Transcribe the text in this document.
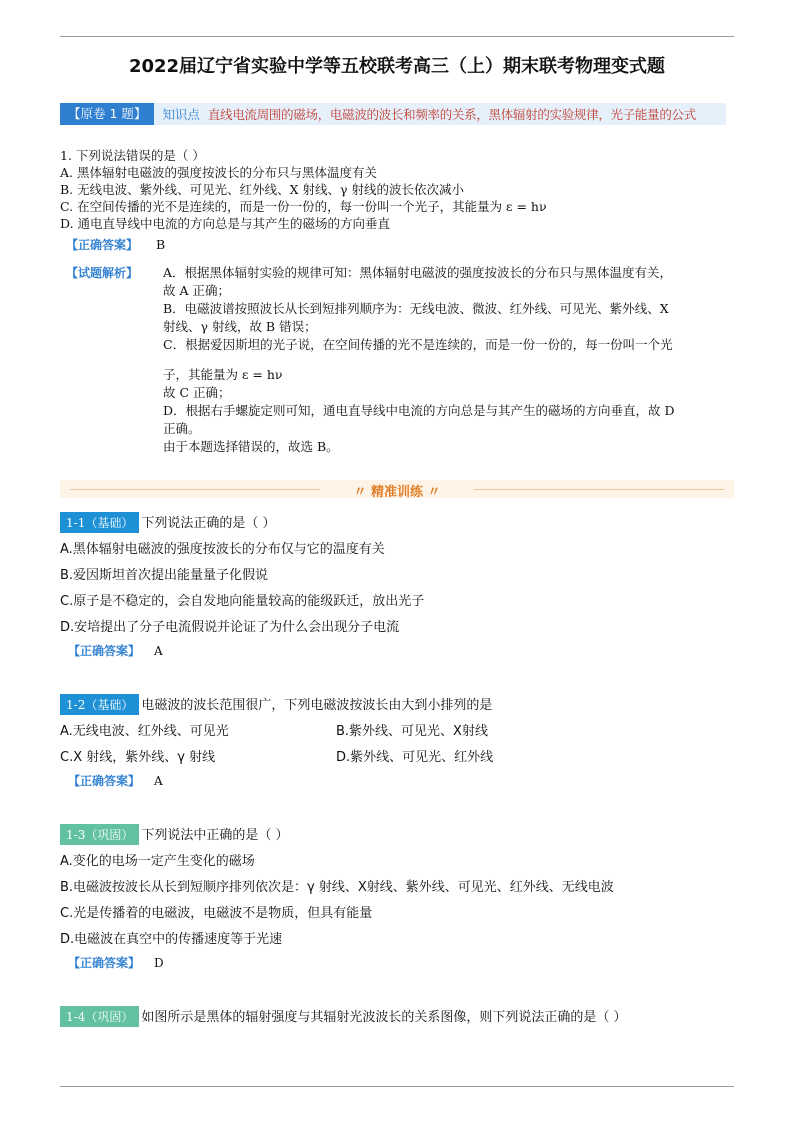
2022届辽宁省实验中学等五校联考高三（上）期末联考物理变式题
【原卷 1 题】	知识点 直线电流周围的磁场，电磁波的波长和频率的关系，黑体辐射的实验规律，光子能量的公式
1. 下列说法错误的是（ ）
A. 黑体辐射电磁波的强度按波长的分布只与黑体温度有关
B. 无线电波、紫外线、可见光、红外线、X 射线、γ 射线的波长依次减小
C. 在空间传播的光不是连续的，而是一份一份的，每一份叫一个光子，其能量为 ε = hν
D. 通电直导线中电流的方向总是与其产生的磁场的方向垂直
【正确答案】 B
【试题解析】 A．根据黑体辐射实验的规律可知：黑体辐射电磁波的强度按波长的分布只与黑体温度有关，

故 A 正确；

B．电磁波谱按照波长从长到短排列顺序为：无线电波、微波、红外线、可见光、紫外线、X

射线、γ 射线，故 B 错误；

C．根据爱因斯坦的光子说，在空间传播的光不是连续的，而是一份一份的，每一份叫一个光

子，其能量为 ε = hν

故 C 正确；

D．根据右手螺旋定则可知，通电直导线中电流的方向总是与其产生的磁场的方向垂直，故 D

正确。

由于本题选择错误的，故选 B。

〃 精准训练 〃
1-1（基础） 下列说法正确的是（ ）
A.黑体辐射电磁波的强度按波长的分布仅与它的温度有关
B.爱因斯坦首次提出能量量子化假说
C.原子是不稳定的，会自发地向能量较高的能级跃迁，放出光子
D.安培提出了分子电流假说并论证了为什么会出现分子电流
【正确答案】 A
1-2（基础） 电磁波的波长范围很广，下列电磁波按波长由大到小排列的是
A.无线电波、红外线、可见光	B.紫外线、可见光、X射线
C.X 射线，紫外线、γ 射线	D.紫外线、可见光、红外线
【正确答案】 A
1-3（巩固） 下列说法中正确的是（ ）
A.变化的电场一定产生变化的磁场
B.电磁波按波长从长到短顺序排列依次是：γ 射线、X射线、紫外线、可见光、红外线、无线电波
C.光是传播着的电磁波，电磁波不是物质，但具有能量
D.电磁波在真空中的传播速度等于光速
【正确答案】 D
1-4（巩固） 如图所示是黑体的辐射强度与其辐射光波波长的关系图像，则下列说法正确的是（ ）
